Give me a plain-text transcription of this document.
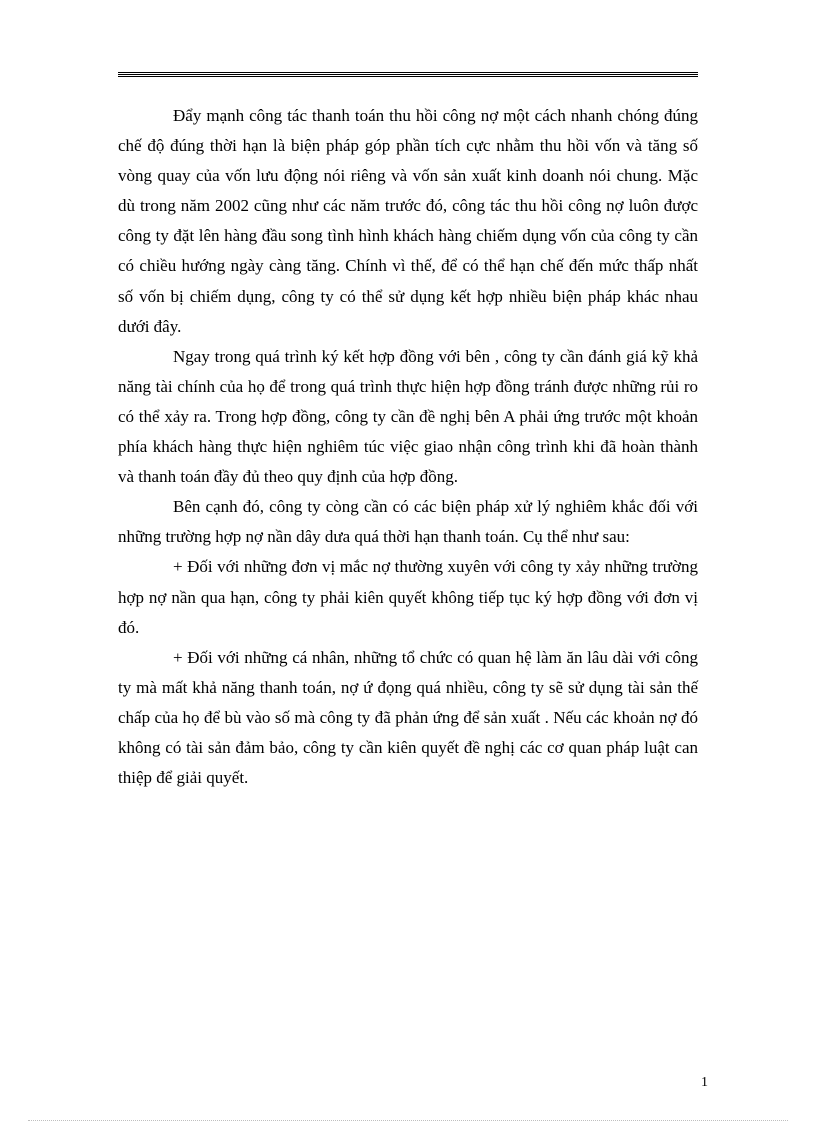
Đẩy mạnh công tác thanh toán thu hồi công nợ một cách nhanh chóng đúng chế độ đúng thời hạn là biện pháp góp phần tích cực nhằm thu hồi vốn và tăng số vòng quay của vốn lưu động nói riêng và vốn sản xuất kinh doanh nói chung. Mặc dù trong năm 2002 cũng như các năm trước đó, công tác thu hồi công nợ luôn được công ty đặt lên hàng đầu song tình hình khách hàng chiếm dụng vốn của công ty cần có chiều hướng ngày càng tăng. Chính vì thế, để có thể hạn chế đến mức thấp nhất số vốn bị chiếm dụng, công ty có thể sử dụng kết hợp nhiều biện pháp khác nhau dưới đây.

Ngay trong quá trình ký kết hợp đồng với bên , công ty cần đánh giá kỹ khả năng tài chính của họ để trong quá trình thực hiện hợp đồng tránh được những rủi ro có thể xảy ra. Trong hợp đồng, công ty cần đề nghị bên A phải ứng trước một khoản phía khách hàng thực hiện nghiêm túc việc giao nhận công trình khi đã hoàn thành và thanh toán đầy đủ theo quy định của hợp đồng.

Bên cạnh đó, công ty còng cần có các biện pháp xử lý nghiêm khắc đối với những trường hợp nợ nần dây dưa quá thời hạn thanh toán. Cụ thể như sau:

+ Đối với những đơn vị mắc nợ thường xuyên với công ty xảy những trường hợp nợ nần qua hạn, công ty phải kiên quyết không tiếp tục ký hợp đồng với đơn vị đó.

+ Đối với những cá nhân, những tổ chức có quan hệ làm ăn lâu dài với công ty mà mất khả năng thanh toán, nợ ứ đọng quá nhiều, công ty sẽ sử dụng tài sản thế chấp của họ để bù vào số mà công ty đã phản ứng để sản xuất . Nếu các khoản nợ đó không có tài sản đảm bảo, công ty cần kiên quyết đề nghị các cơ quan pháp luật can thiệp để giải quyết.

1
